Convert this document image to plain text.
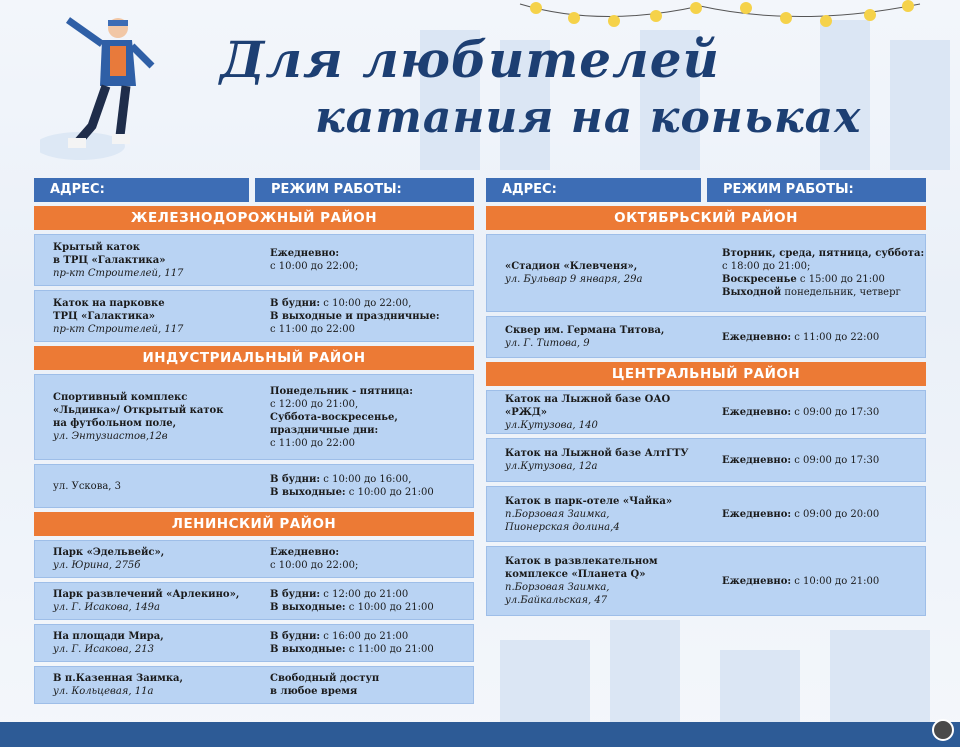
Для любителей
катания на коньках
АДРЕС:	РЕЖИМ РАБОТЫ:
ЖЕЛЕЗНОДОРОЖНЫЙ РАЙОН
Крытый каток
в ТРЦ «Галактика»
пр-кт Строителей, 117
Ежедневно:
с 10:00 до 22:00;
Каток на парковке
ТРЦ «Галактика»
пр-кт Строителей, 117
В будни: с 10:00 до 22:00,
В выходные и праздничные:
с 11:00 до 22:00
ИНДУСТРИАЛЬНЫЙ РАЙОН
Спортивный комплекс
«Льдинка»/ Открытый каток
на футбольном поле,
ул. Энтузиастов,12в
Понедельник - пятница:
с 12:00 до 21:00,
Суббота-воскресенье,
праздничные дни:
с 11:00 до 22:00
ул. Ускова, 3
В будни: с 10:00 до 16:00,
В выходные: с 10:00 до 21:00
ЛЕНИНСКИЙ РАЙОН
Парк «Эдельвейс»,
ул. Юрина, 275б
Ежедневно:
с 10:00 до 22:00;
Парк развлечений «Арлекино»,
ул. Г. Исакова, 149а
В будни: с 12:00 до 21:00
В выходные: с 10:00 до 21:00
На площади Мира,
ул. Г. Исакова, 213
В будни: с 16:00 до 21:00
В выходные: с 11:00 до 21:00
В п.Казенная Заимка,
ул. Кольцевая, 11а
Свободный доступ
в любое время
АДРЕС:	РЕЖИМ РАБОТЫ:
ОКТЯБРЬСКИЙ РАЙОН
«Стадион «Клевченя»,
ул. Бульвар 9 января, 29а
Вторник, среда, пятница, суббота:
с 18:00 до 21:00;
Воскресенье с 15:00 до 21:00
Выходной понедельник, четверг
Сквер им. Германа Титова,
ул. Г. Титова, 9
Ежедневно: с 11:00 до 22:00
ЦЕНТРАЛЬНЫЙ РАЙОН
Каток на Лыжной базе ОАО «РЖД»
ул.Кутузова, 140
Ежедневно: с 09:00 до 17:30
Каток на Лыжной базе АлтГТУ
ул.Кутузова, 12а
Ежедневно: с 09:00 до 17:30
Каток в парк-отеле «Чайка»
п.Борзовая Заимка,
Пионерская долина,4
Ежедневно: с 09:00 до 20:00
Каток в развлекательном
комплексе «Планета Q»
п.Борзовая Заимка,
ул.Байкальская, 47
Ежедневно: с 10:00 до 21:00
